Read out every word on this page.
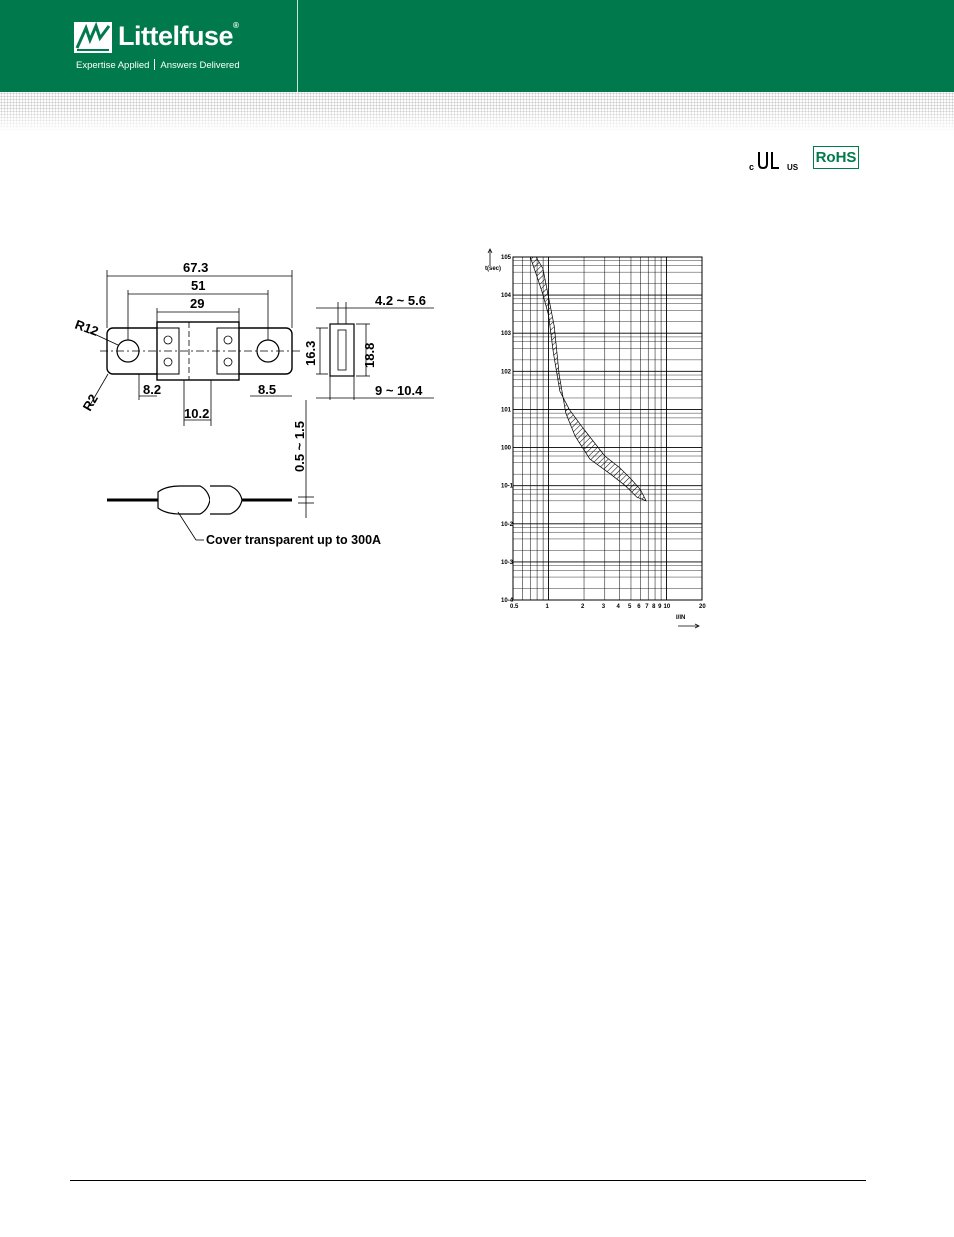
Littelfuse®
Expertise Applied Answers Delivered
c	US
RoHS
67.3
51
29
8.2	8.5
10.2
4.2 ~ 5.6
9 ~ 10.4
16.3	18.8
0.5 ~ 1.5
R12
R2
Cover transparent up to 300A
0.5	1	2	3 4 5 6 7 8 9 10	20
105
104
103
102
101
100
10-1
10-2
10-3
10-4
t(sec)
I/IN
